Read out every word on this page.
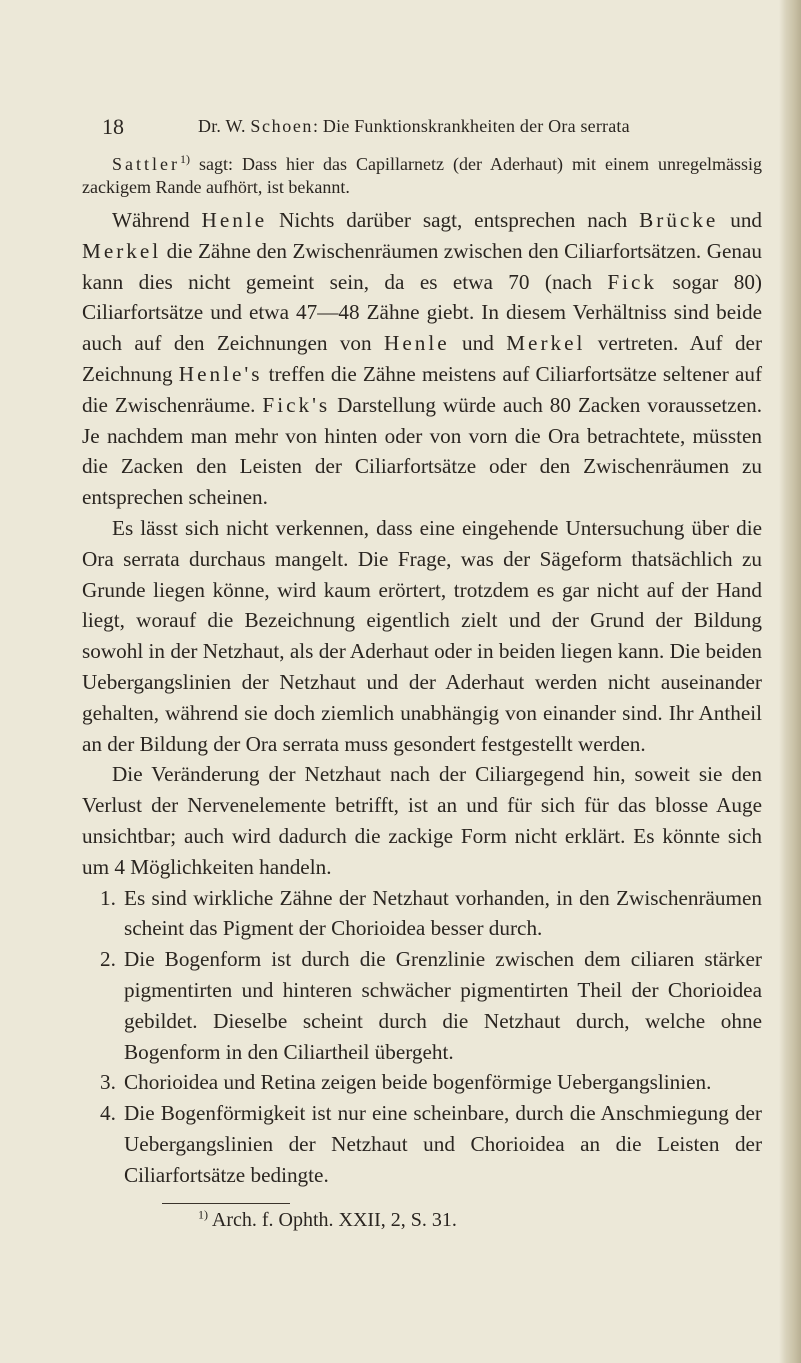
18	Dr. W. Schoen: Die Funktionskrankheiten der Ora serrata

Sattler$^{1)}$ sagt: Dass hier das Capillarnetz (der Aderhaut) mit einem unregelmässig zackigem Rande aufhört, ist bekannt.

Während Henle Nichts darüber sagt, entsprechen nach Brücke und Merkel die Zähne den Zwischenräumen zwischen den Ciliarfortsätzen. Genau kann dies nicht gemeint sein, da es etwa 70 (nach Fick sogar 80) Ciliarfortsätze und etwa 47—48 Zähne giebt. In diesem Verhältniss sind beide auch auf den Zeichnungen von Henle und Merkel vertreten. Auf der Zeichnung Henle's treffen die Zähne meistens auf Ciliarfortsätze seltener auf die Zwischenräume. Fick's Darstellung würde auch 80 Zacken voraussetzen. Je nachdem man mehr von hinten oder von vorn die Ora betrachtete, müssten die Zacken den Leisten der Ciliarfortsätze oder den Zwischenräumen zu entsprechen scheinen.

Es lässt sich nicht verkennen, dass eine eingehende Untersuchung über die Ora serrata durchaus mangelt. Die Frage, was der Sägeform thatsächlich zu Grunde liegen könne, wird kaum erörtert, trotzdem es gar nicht auf der Hand liegt, worauf die Bezeichnung eigentlich zielt und der Grund der Bildung sowohl in der Netzhaut, als der Aderhaut oder in beiden liegen kann. Die beiden Uebergangslinien der Netzhaut und der Aderhaut werden nicht auseinander gehalten, während sie doch ziemlich unabhängig von einander sind. Ihr Antheil an der Bildung der Ora serrata muss gesondert festgestellt werden.

Die Veränderung der Netzhaut nach der Ciliargegend hin, soweit sie den Verlust der Nervenelemente betrifft, ist an und für sich für das blosse Auge unsichtbar; auch wird dadurch die zackige Form nicht erklärt. Es könnte sich um 4 Möglichkeiten handeln.

1. Es sind wirkliche Zähne der Netzhaut vorhanden, in den Zwischenräumen scheint das Pigment der Chorioidea besser durch.
2. Die Bogenform ist durch die Grenzlinie zwischen dem ciliaren stärker pigmentirten und hinteren schwächer pigmentirten Theil der Chorioidea gebildet. Dieselbe scheint durch die Netzhaut durch, welche ohne Bogenform in den Ciliartheil übergeht.
3. Chorioidea und Retina zeigen beide bogenförmige Uebergangslinien.
4. Die Bogenförmigkeit ist nur eine scheinbare, durch die Anschmiegung der Uebergangslinien der Netzhaut und Chorioidea an die Leisten der Ciliarfortsätze bedingte.
$^{1)}$ Arch. f. Ophth. XXII, 2, S. 31.
